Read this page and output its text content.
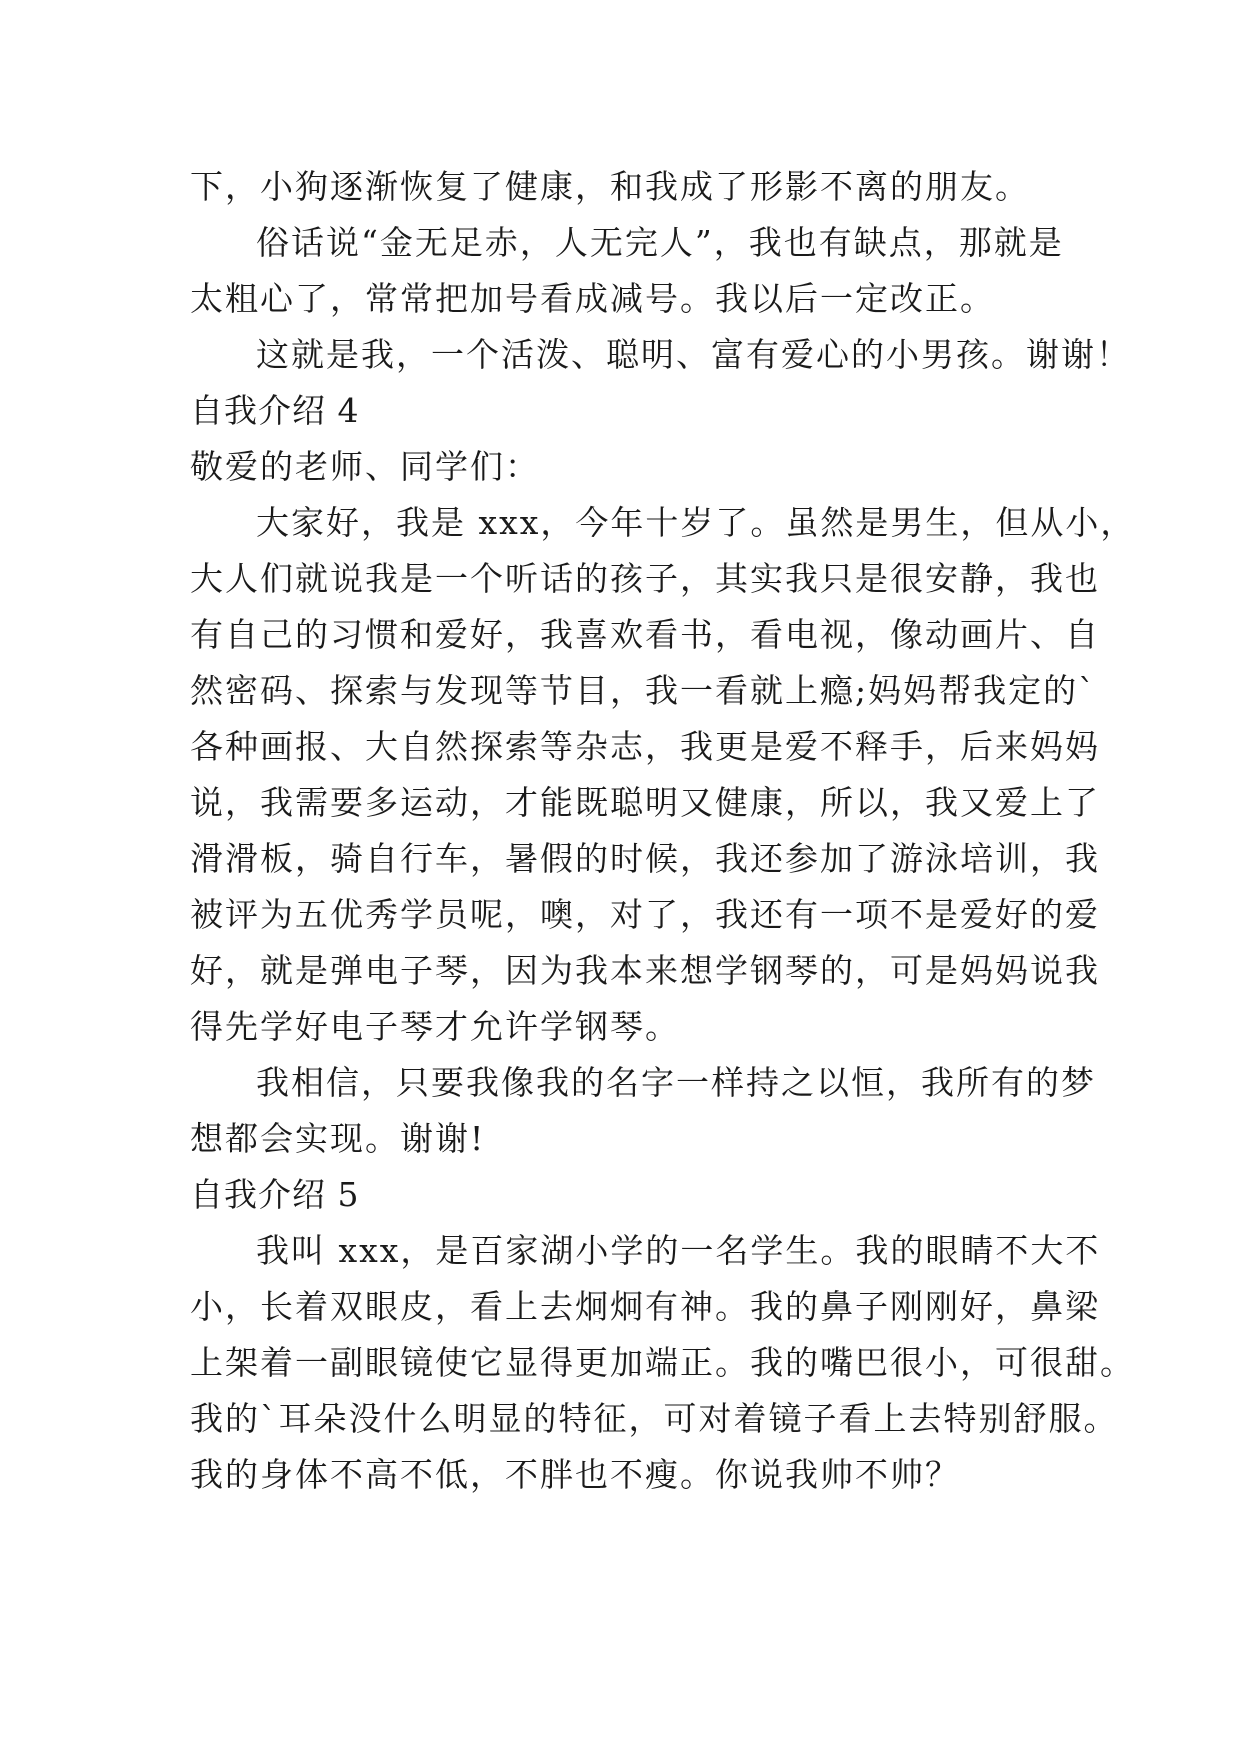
下，小狗逐渐恢复了健康，和我成了形影不离的朋友。
俗话说“金无足赤，人无完人”，我也有缺点，那就是
太粗心了，常常把加号看成减号。我以后一定改正。
这就是我，一个活泼、聪明、富有爱心的小男孩。谢谢！
自我介绍 4
敬爱的老师、同学们：
大家好，我是 xxx，今年十岁了。虽然是男生，但从小，
大人们就说我是一个听话的孩子，其实我只是很安静，我也
有自己的习惯和爱好，我喜欢看书，看电视，像动画片、自
然密码、探索与发现等节目，我一看就上瘾;妈妈帮我定的`
各种画报、大自然探索等杂志，我更是爱不释手，后来妈妈
说，我需要多运动，才能既聪明又健康，所以，我又爱上了
滑滑板，骑自行车，暑假的时候，我还参加了游泳培训，我
被评为五优秀学员呢，噢，对了，我还有一项不是爱好的爱
好，就是弹电子琴，因为我本来想学钢琴的，可是妈妈说我
得先学好电子琴才允许学钢琴。
我相信，只要我像我的名字一样持之以恒，我所有的梦
想都会实现。谢谢!
自我介绍 5
我叫 xxx，是百家湖小学的一名学生。我的眼睛不大不
小，长着双眼皮，看上去炯炯有神。我的鼻子刚刚好，鼻梁
上架着一副眼镜使它显得更加端正。我的嘴巴很小，可很甜。
我的`耳朵没什么明显的特征，可对着镜子看上去特别舒服。
我的身体不高不低，不胖也不瘦。你说我帅不帅？
